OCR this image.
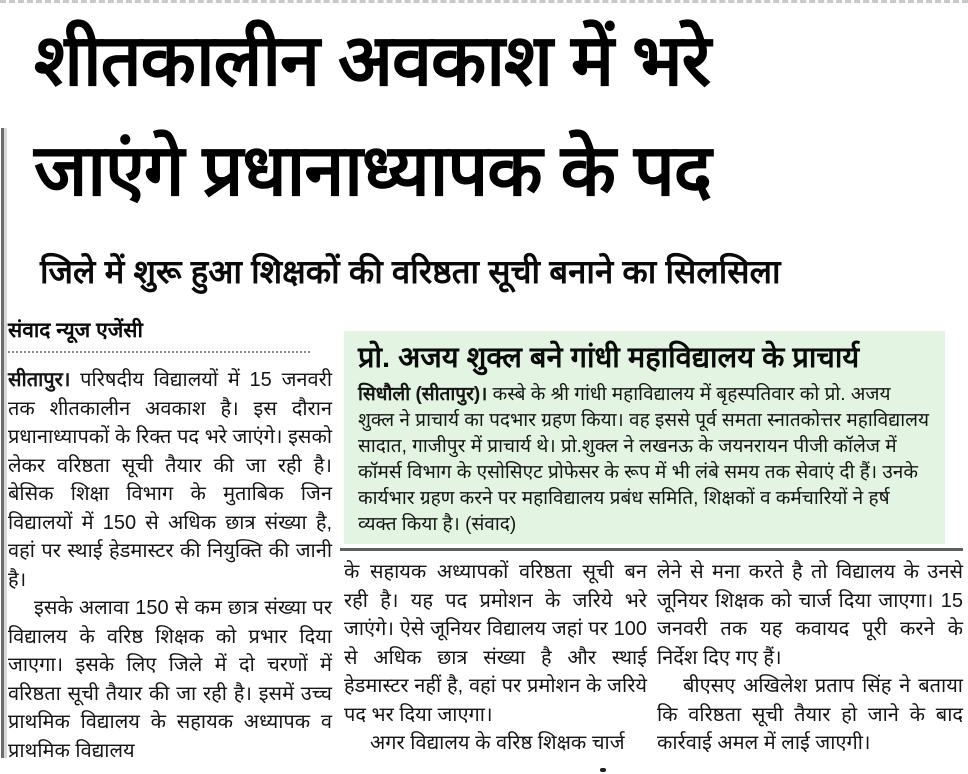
शीतकालीन अवकाश में भरे
जाएंगे प्रधानाध्यापक के पद
जिले में शुरू हुआ शिक्षकों की वरिष्ठता सूची बनाने का सिलसिला
संवाद न्यूज एजेंसी

सीतापुर। परिषदीय विद्यालयों में 15 जनवरी तक शीतकालीन अवकाश है। इस दौरान प्रधानाध्यापकों के रिक्त पद भरे जाएंगे। इसको लेकर वरिष्ठता सूची तैयार की जा रही है। बेसिक शिक्षा विभाग के मुताबिक जिन विद्यालयों में 150 से अधिक छात्र संख्या है, वहां पर स्थाई हेडमास्टर की नियुक्ति की जानी है।

इसके अलावा 150 से कम छात्र संख्या पर विद्यालय के वरिष्ठ शिक्षक को प्रभार दिया जाएगा। इसके लिए जिले में दो चरणों में वरिष्ठता सूची तैयार की जा रही है। इसमें उच्च प्राथमिक विद्यालय के सहायक अध्यापक व प्राथमिक विद्यालय

प्रो. अजय शुक्ल बने गांधी महाविद्यालय के प्राचार्य
सिधौली (सीतापुर)। कस्बे के श्री गांधी महाविद्यालय में बृहस्पतिवार को प्रो. अजय शुक्ल ने प्राचार्य का पदभार ग्रहण किया। वह इससे पूर्व समता स्नातकोत्तर महाविद्यालय सादात, गाजीपुर में प्राचार्य थे। प्रो.शुक्ल ने लखनऊ के जयनरायन पीजी कॉलेज में कॉमर्स विभाग के एसोसिएट प्रोफेसर के रूप में भी लंबे समय तक सेवाएं दी हैं। उनके कार्यभार ग्रहण करने पर महाविद्यालय प्रबंध समिति, शिक्षकों व कर्मचारियों ने हर्ष व्यक्त किया है। (संवाद)

के सहायक अध्यापकों वरिष्ठता सूची बन रही है। यह पद प्रमोशन के जरिये भरे जाएंगे। ऐसे जूनियर विद्यालय जहां पर 100 से अधिक छात्र संख्या है और स्थाई हेडमास्टर नहीं है, वहां पर प्रमोशन के जरिये पद भर दिया जाएगा।

अगर विद्यालय के वरिष्ठ शिक्षक चार्ज

लेने से मना करते है तो विद्यालय के उनसे जूनियर शिक्षक को चार्ज दिया जाएगा। 15 जनवरी तक यह कवायद पूरी करने के निर्देश दिए गए हैं।

बीएसए अखिलेश प्रताप सिंह ने बताया कि वरिष्ठता सूची तैयार हो जाने के बाद कार्रवाई अमल में लाई जाएगी।
